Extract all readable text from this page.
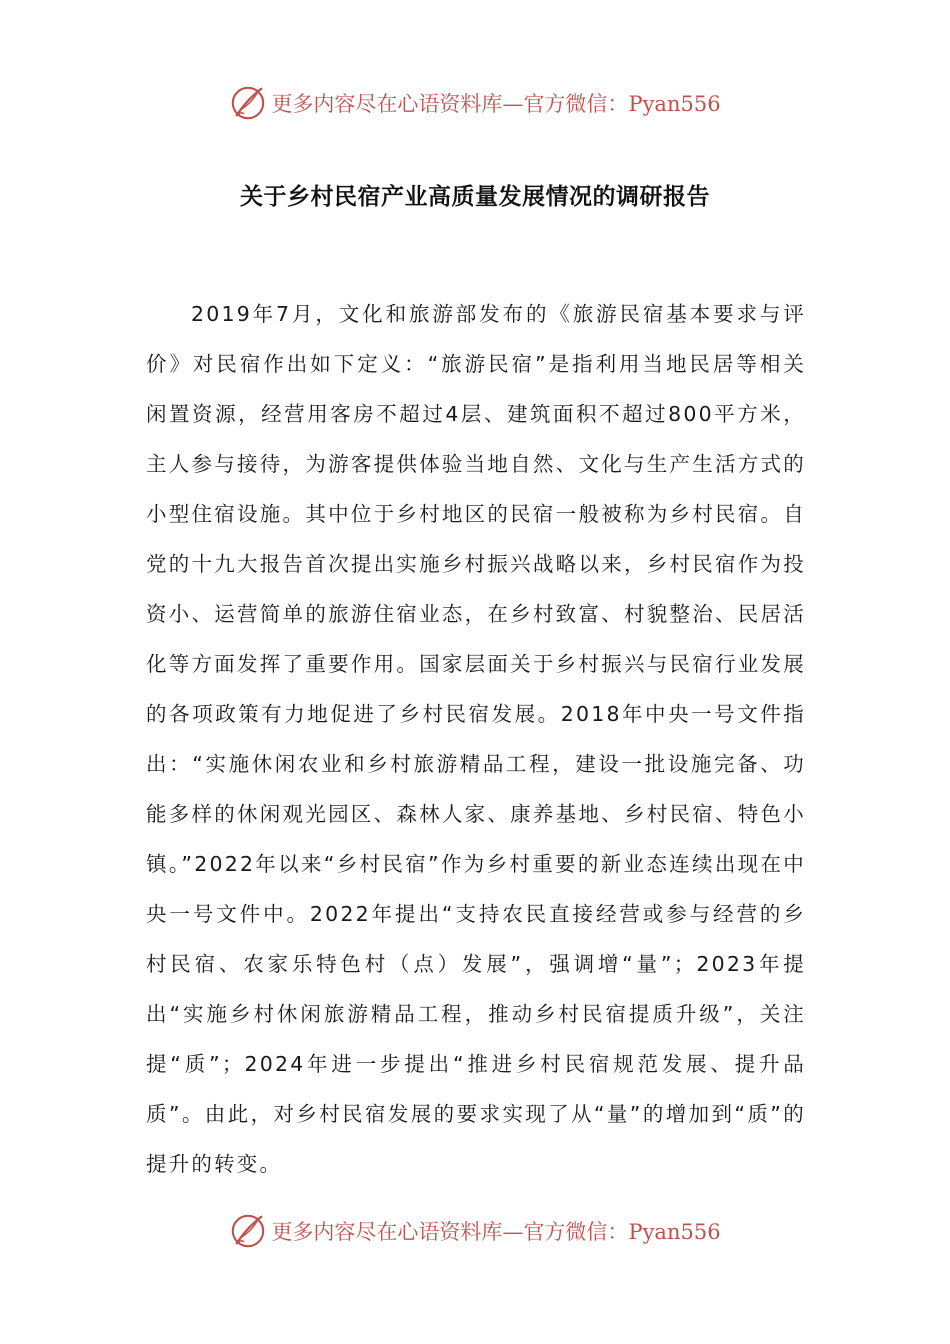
更多内容尽在心语资料库—官方微信：Pyan556
关于乡村民宿产业高质量发展情况的调研报告

2019年7月，文化和旅游部发布的《旅游民宿基本要求与评价》对民宿作出如下定义：“旅游民宿”是指利用当地民居等相关闲置资源，经营用客房不超过4层、建筑面积不超过800平方米，主人参与接待，为游客提供体验当地自然、文化与生产生活方式的小型住宿设施。其中位于乡村地区的民宿一般被称为乡村民宿。自党的十九大报告首次提出实施乡村振兴战略以来，乡村民宿作为投资小、运营简单的旅游住宿业态，在乡村致富、村貌整治、民居活化等方面发挥了重要作用。国家层面关于乡村振兴与民宿行业发展的各项政策有力地促进了乡村民宿发展。2018年中央一号文件指出：“实施休闲农业和乡村旅游精品工程，建设一批设施完备、功能多样的休闲观光园区、森林人家、康养基地、乡村民宿、特色小镇。”2022年以来“乡村民宿”作为乡村重要的新业态连续出现在中央一号文件中。2022年提出“支持农民直接经营或参与经营的乡村民宿、农家乐特色村（点）发展”，强调增“量”；2023年提出“实施乡村休闲旅游精品工程，推动乡村民宿提质升级”，关注提“质”；2024年进一步提出“推进乡村民宿规范发展、提升品质”。由此，对乡村民宿发展的要求实现了从“量”的增加到“质”的提升的转变。

更多内容尽在心语资料库—官方微信：Pyan556
